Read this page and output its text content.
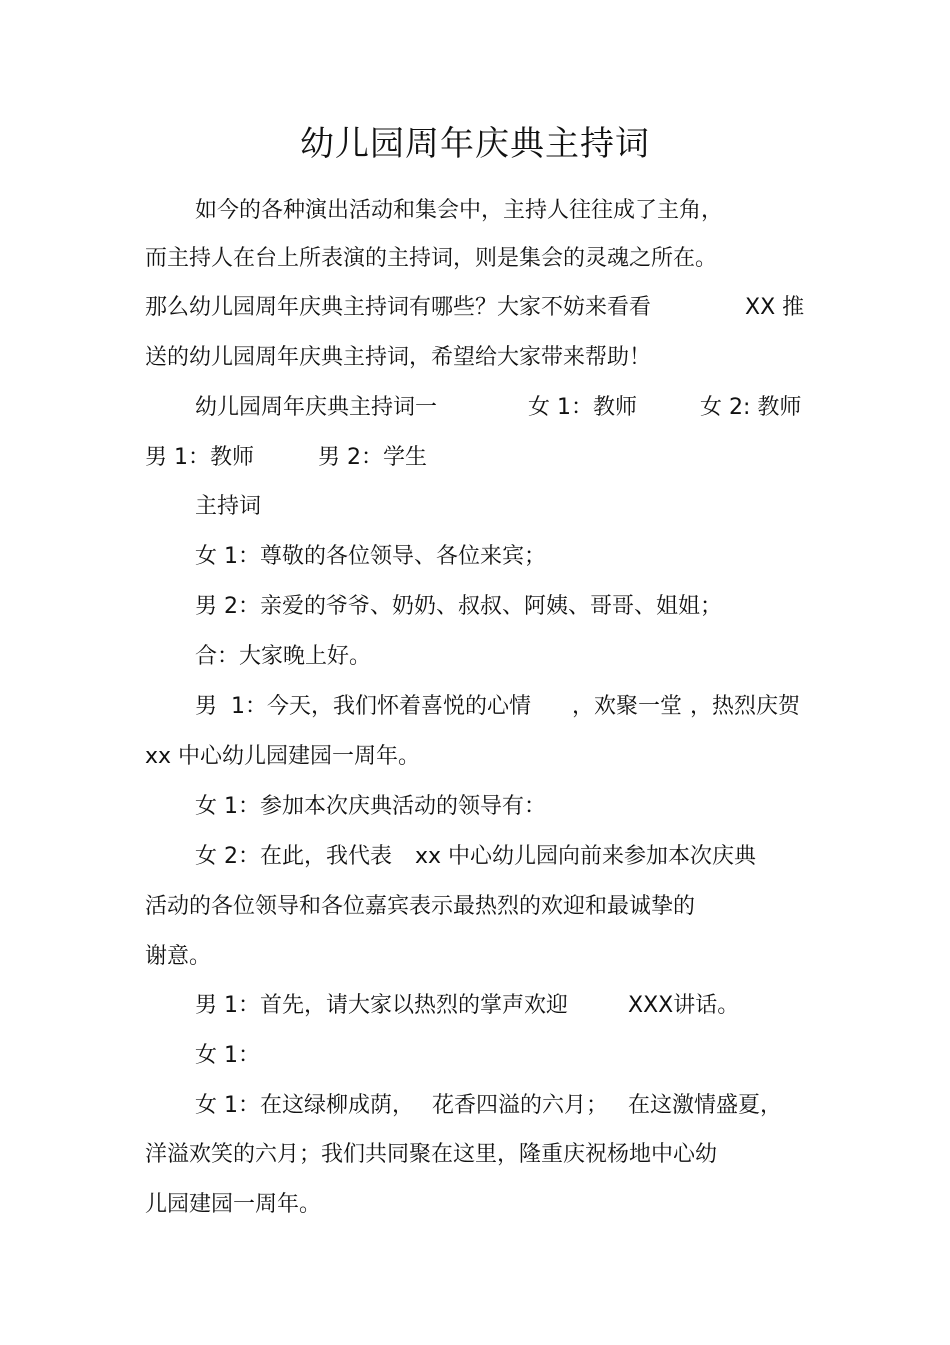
幼儿园周年庆典主持词
如今的各种演出活动和集会中，主持人往往成了主角，
而主持人在台上所表演的主持词，则是集会的灵魂之所在。
那么幼儿园周年庆典主持词有哪些？大家不妨来看看	XX 推
送的幼儿园周年庆典主持词，希望给大家带来帮助！
幼儿园周年庆典主持词一	女 1：教师	女 2: 教师
男 1：教师	男 2：学生
主持词
女 1：尊敬的各位领导、各位来宾；
男 2：亲爱的爷爷、奶奶、叔叔、阿姨、哥哥、姐姐；
合：大家晚上好。
男  1：今天，我们怀着喜悦的心情 ，欢聚一堂 ，热烈庆贺
xx 中心幼儿园建园一周年。
女 1：参加本次庆典活动的领导有：
女 2：在此，我代表 xx 中心幼儿园向前来参加本次庆典
活动的各位领导和各位嘉宾表示最热烈的欢迎和最诚挚的
谢意。
男 1：首先，请大家以热烈的掌声欢迎	XXX讲话。
女 1：
女 1：在这绿柳成荫， 花香四溢的六月； 在这激情盛夏，
洋溢欢笑的六月；我们共同聚在这里，隆重庆祝杨地中心幼
儿园建园一周年。
